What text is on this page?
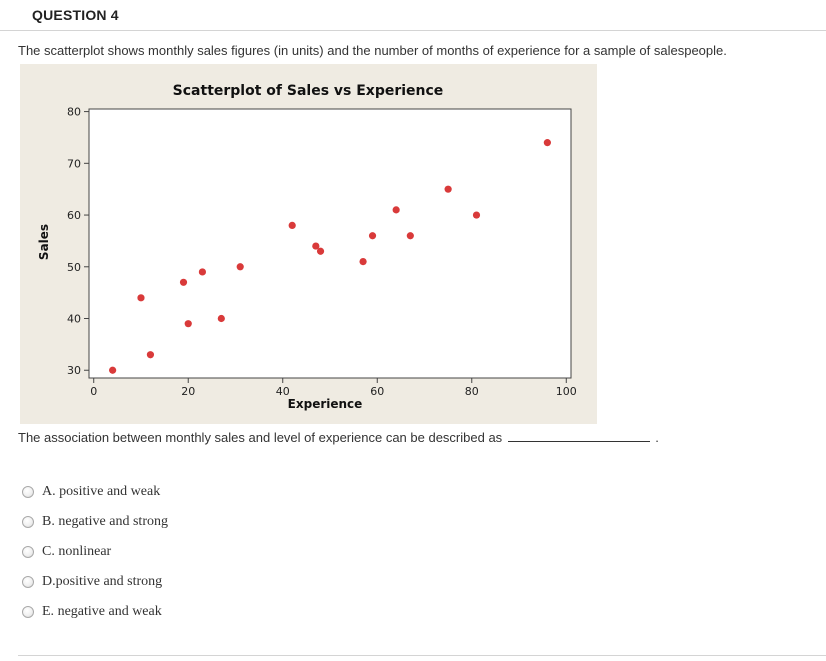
QUESTION 4
The scatterplot shows monthly sales figures (in units) and the number of months of experience for a sample of salespeople.
Scatterplot of Sales vs Experience
0	20	40	60	80	100
30
40
50
60
70
80
Experience
Sales
The association between monthly sales and level of experience can be described as	.
A. positive and weak
B. negative and strong
C. nonlinear
D.positive and strong
E. negative and weak
